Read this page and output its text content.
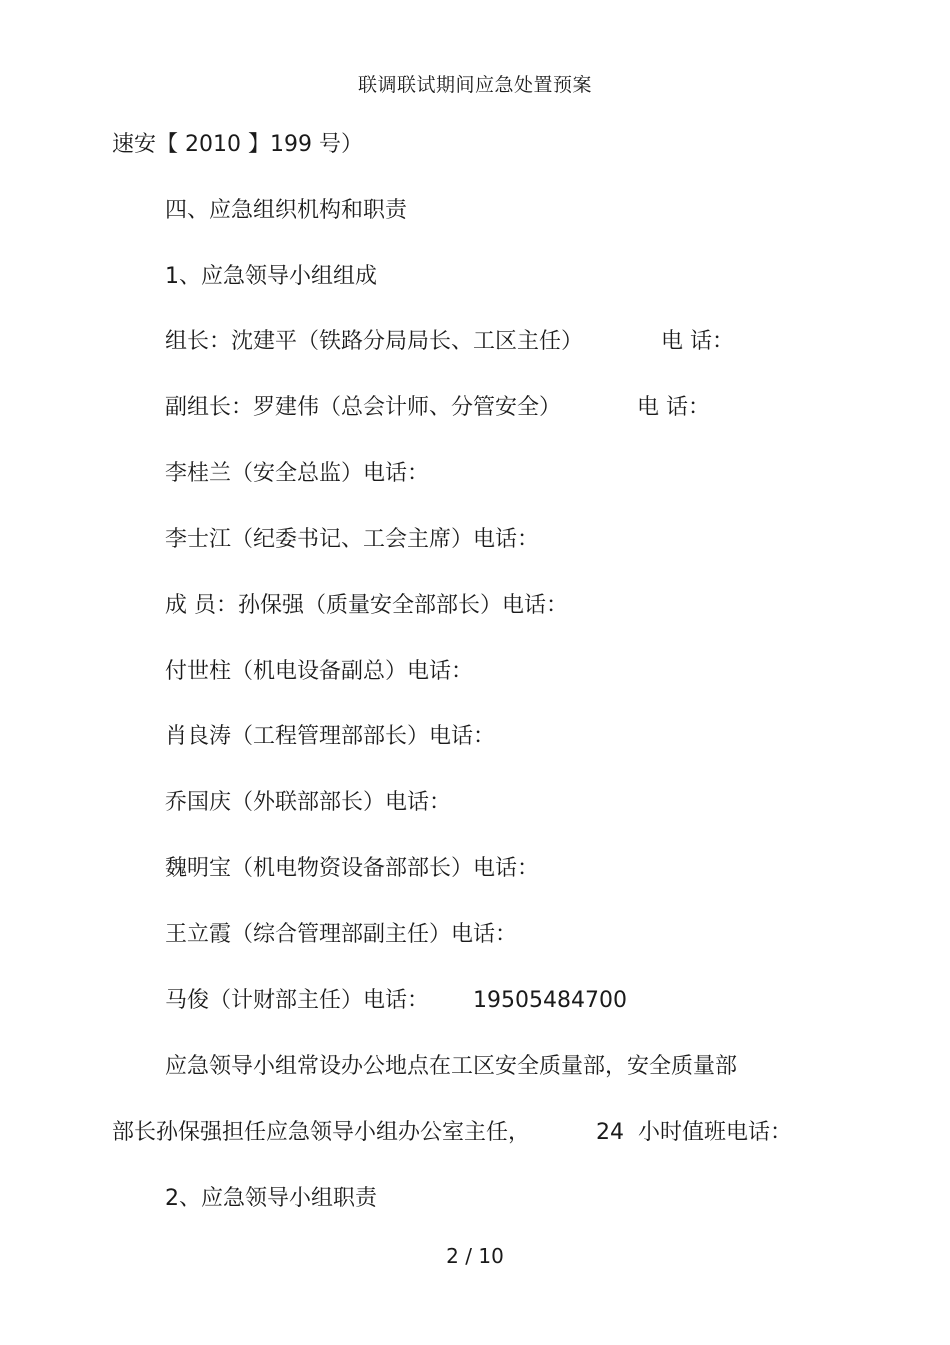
联调联试期间应急处置预案
速安【 2010 】199 号）
四、应急组织机构和职责
1、应急领导小组组成
组长：沈建平（铁路分局局长、工区主任）	电 话：
副组长：罗建伟（总会计师、分管安全）	电 话：
李桂兰（安全总监）电话：
李士江（纪委书记、工会主席）电话：
成 员：孙保强（质量安全部部长）电话：
付世柱（机电设备副总）电话：
肖良涛（工程管理部部长）电话：
乔国庆（外联部部长）电话：
魏明宝（机电物资设备部部长）电话：
王立霞（综合管理部副主任）电话：
马俊（计财部主任）电话： 19505484700
应急领导小组常设办公地点在工区安全质量部，安全质量部
部长孙保强担任应急领导小组办公室主任，	24 小时值班电话：
2、应急领导小组职责
2 / 10
